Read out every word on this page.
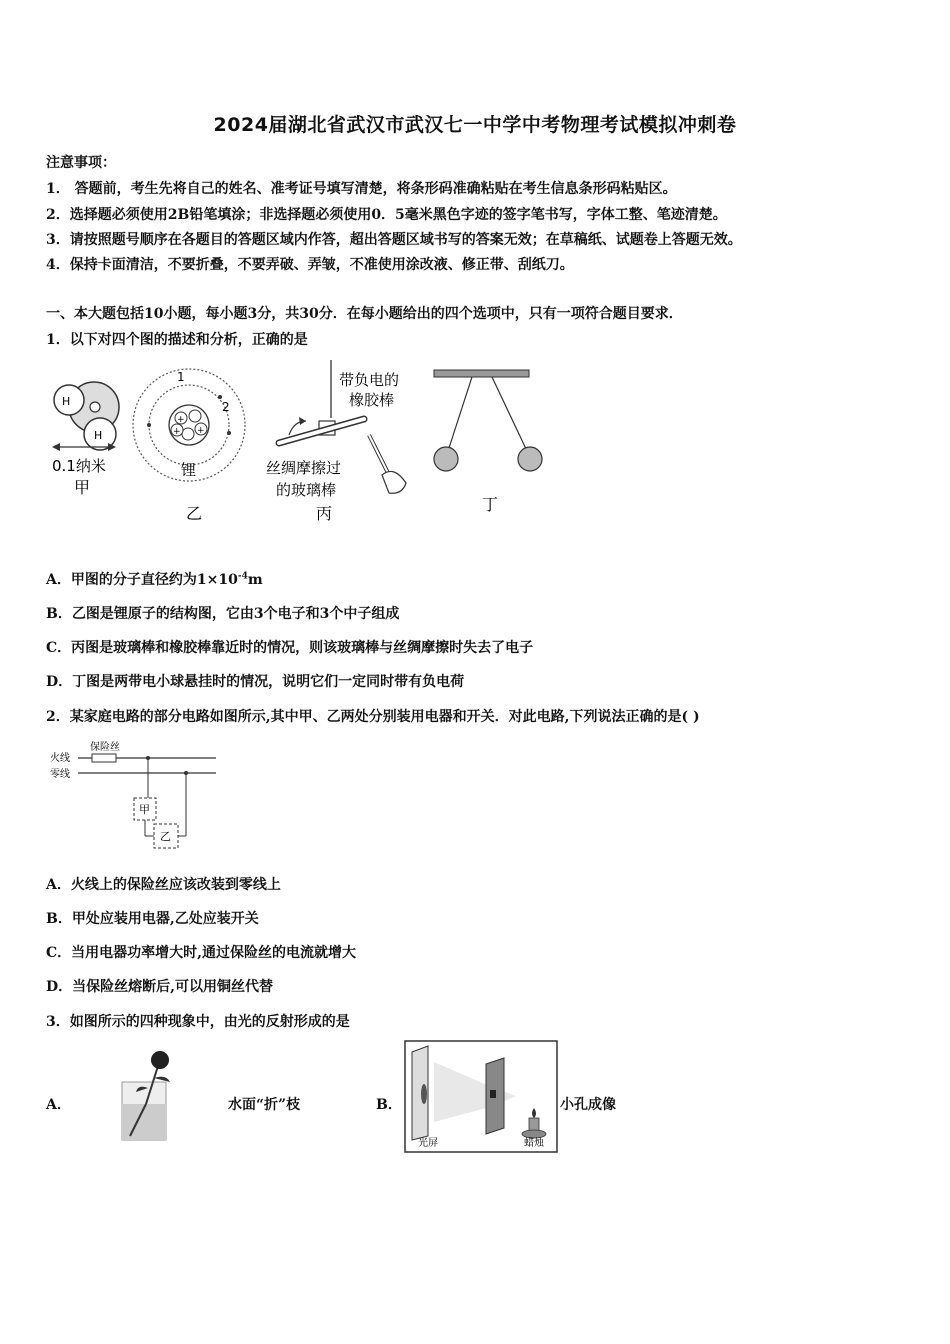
2024届湖北省武汉市武汉七一中学中考物理考试模拟冲刺卷
注意事项：
1． 答题前，考生先将自己的姓名、准考证号填写清楚，将条形码准确粘贴在考生信息条形码粘贴区。
2．选择题必须使用2B铅笔填涂；非选择题必须使用0．5毫米黑色字迹的签字笔书写，字体工整、笔迹清楚。
3．请按照题号顺序在各题目的答题区域内作答，超出答题区域书写的答案无效；在草稿纸、试题卷上答题无效。
4．保持卡面清洁，不要折叠，不要弄破、弄皱，不准使用涂改液、修正带、刮纸刀。
一、本大题包括10小题，每小题3分，共30分．在每小题给出的四个选项中，只有一项符合题目要求．
1．以下对四个图的描述和分析，正确的是
H
H
0.1纳米
甲
+
+
+
1
2
锂
乙
带负电的
橡胶棒
丝绸摩擦过
的玻璃棒
丙	丁
A．甲图的分子直径约为$1\times 10^{-4}m$
B．乙图是锂原子的结构图，它由3个电子和3个中子组成
C．丙图是玻璃棒和橡胶棒靠近时的情况，则该玻璃棒与丝绸摩擦时失去了电子
D．丁图是两带电小球悬挂时的情况，说明它们一定同时带有负电荷
2．某家庭电路的部分电路如图所示,其中甲、乙两处分别装用电器和开关．对此电路,下列说法正确的是( )
火线
零线
保险丝
甲
乙
A．火线上的保险丝应该改装到零线上
B．甲处应装用电器,乙处应装开关
C．当用电器功率增大时,通过保险丝的电流就增大
D．当保险丝熔断后,可以用铜丝代替
3．如图所示的四种现象中，由光的反射形成的是
A．	水面“折”枝	B．
光屏	蜡烛
小孔成像
